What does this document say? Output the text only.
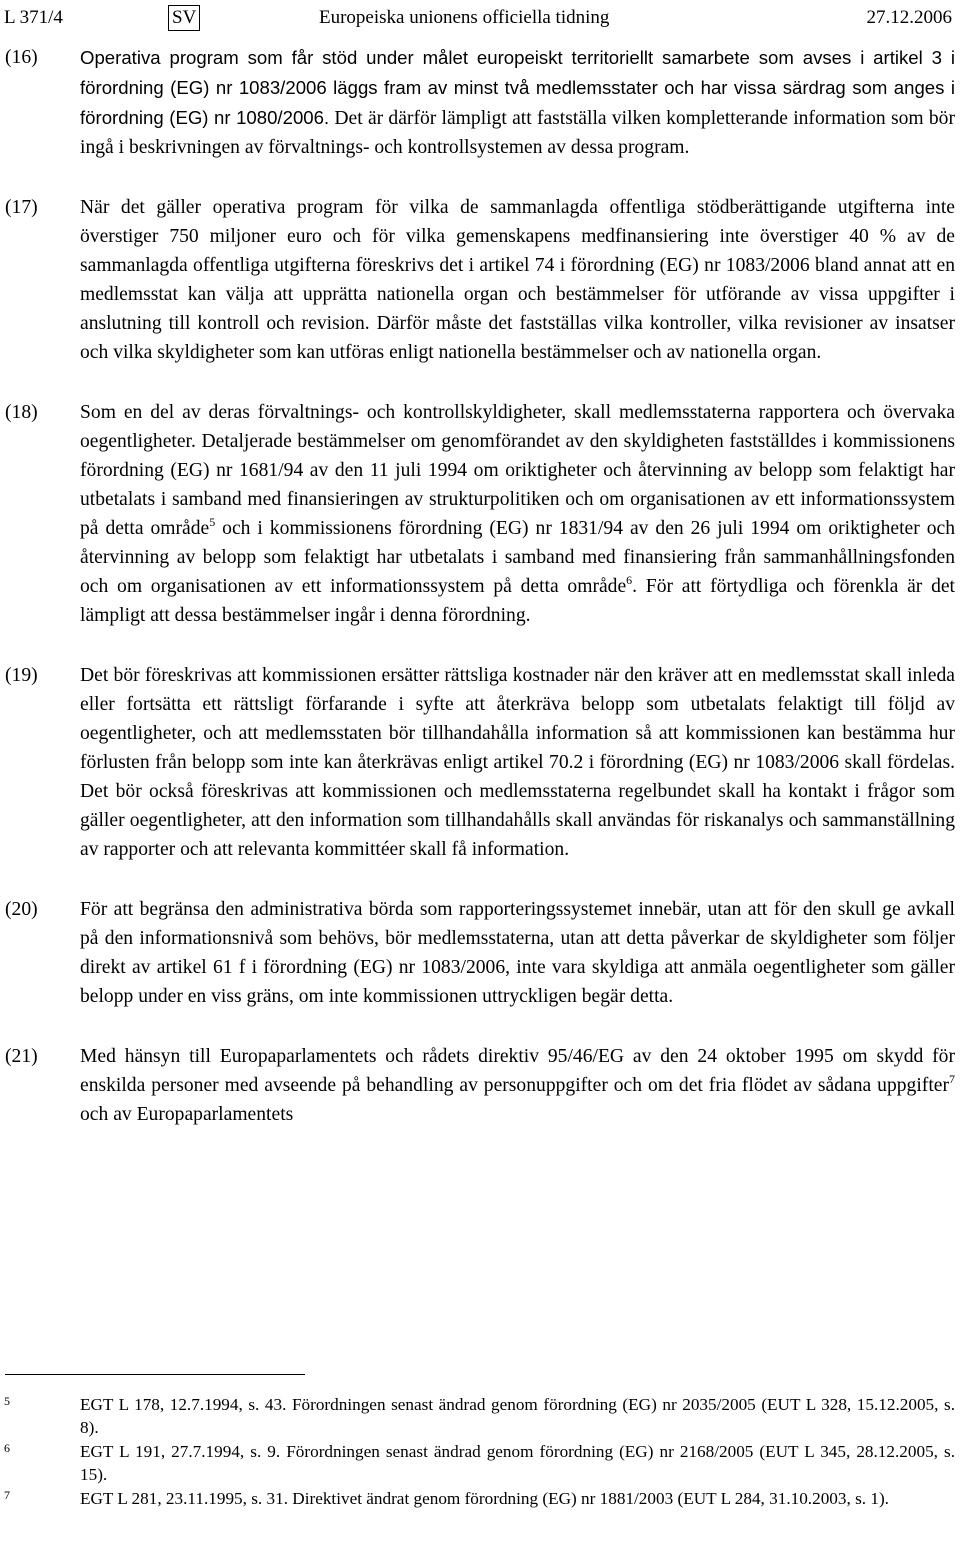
L 371/4	SV	Europeiska unionens officiella tidning	27.12.2006
(16)	Operativa program som får stöd under målet europeiskt territoriellt samarbete som avses i artikel 3 i förordning (EG) nr 1083/2006 läggs fram av minst två medlemsstater och har vissa särdrag som anges i förordning (EG) nr 1080/2006. Det är därför lämpligt att fastställa vilken kompletterande information som bör ingå i beskrivningen av förvaltnings- och kontrollsystemen av dessa program.
(17)	När det gäller operativa program för vilka de sammanlagda offentliga stödberättigande utgifterna inte överstiger 750 miljoner euro och för vilka gemenskapens medfinansiering inte överstiger 40 % av de sammanlagda offentliga utgifterna föreskrivs det i artikel 74 i förordning (EG) nr 1083/2006 bland annat att en medlemsstat kan välja att upprätta nationella organ och bestämmelser för utförande av vissa uppgifter i anslutning till kontroll och revision. Därför måste det fastställas vilka kontroller, vilka revisioner av insatser och vilka skyldigheter som kan utföras enligt nationella bestämmelser och av nationella organ.
(18)	Som en del av deras förvaltnings- och kontrollskyldigheter, skall medlemsstaterna rapportera och övervaka oegentligheter. Detaljerade bestämmelser om genomförandet av den skyldigheten fastställdes i kommissionens förordning (EG) nr 1681/94 av den 11 juli 1994 om oriktigheter och återvinning av belopp som felaktigt har utbetalats i samband med finansieringen av strukturpolitiken och om organisationen av ett informationssystem på detta område$^5$ och i kommissionens förordning (EG) nr 1831/94 av den 26 juli 1994 om oriktigheter och återvinning av belopp som felaktigt har utbetalats i samband med finansiering från sammanhållningsfonden och om organisationen av ett informationssystem på detta område$^6$. För att förtydliga och förenkla är det lämpligt att dessa bestämmelser ingår i denna förordning.
(19)	Det bör föreskrivas att kommissionen ersätter rättsliga kostnader när den kräver att en medlemsstat skall inleda eller fortsätta ett rättsligt förfarande i syfte att återkräva belopp som utbetalats felaktigt till följd av oegentligheter, och att medlemsstaten bör tillhandahålla information så att kommissionen kan bestämma hur förlusten från belopp som inte kan återkrävas enligt artikel 70.2 i förordning (EG) nr 1083/2006 skall fördelas. Det bör också föreskrivas att kommissionen och medlemsstaterna regelbundet skall ha kontakt i frågor som gäller oegentligheter, att den information som tillhandahålls skall användas för riskanalys och sammanställning av rapporter och att relevanta kommittéer skall få information.
(20)	För att begränsa den administrativa börda som rapporteringssystemet innebär, utan att för den skull ge avkall på den informationsnivå som behövs, bör medlemsstaterna, utan att detta påverkar de skyldigheter som följer direkt av artikel 61 f i förordning (EG) nr 1083/2006, inte vara skyldiga att anmäla oegentligheter som gäller belopp under en viss gräns, om inte kommissionen uttryckligen begär detta.
(21)	Med hänsyn till Europaparlamentets och rådets direktiv 95/46/EG av den 24 oktober 1995 om skydd för enskilda personer med avseende på behandling av personuppgifter och om det fria flödet av sådana uppgifter$^7$ och av Europaparlamentets
5	EGT L 178, 12.7.1994, s. 43. Förordningen senast ändrad genom förordning (EG) nr 2035/2005 (EUT L 328, 15.12.2005, s. 8).
6	EGT L 191, 27.7.1994, s. 9. Förordningen senast ändrad genom förordning (EG) nr 2168/2005 (EUT L 345, 28.12.2005, s. 15).
7	EGT L 281, 23.11.1995, s. 31. Direktivet ändrat genom förordning (EG) nr 1881/2003 (EUT L 284, 31.10.2003, s. 1).
